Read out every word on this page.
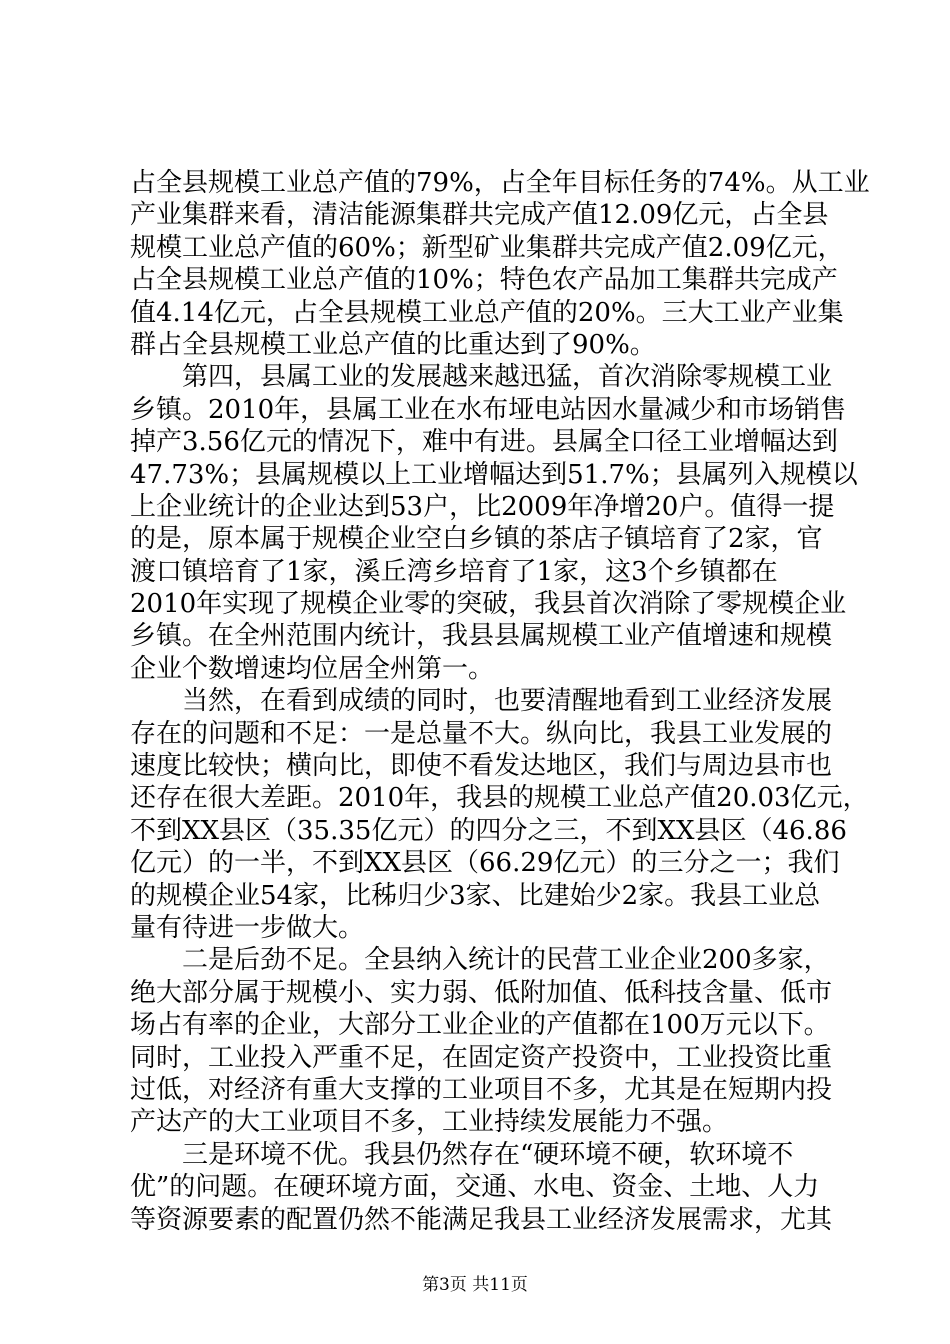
占全县规模工业总产值的79%，占全年目标任务的74%。从工业
产业集群来看，清洁能源集群共完成产值12.09亿元，占全县
规模工业总产值的60%；新型矿业集群共完成产值2.09亿元，
占全县规模工业总产值的10%；特色农产品加工集群共完成产
值4.14亿元，占全县规模工业总产值的20%。三大工业产业集
群占全县规模工业总产值的比重达到了90%。
　　第四，县属工业的发展越来越迅猛，首次消除零规模工业
乡镇。2010年，县属工业在水布垭电站因水量减少和市场销售
掉产3.56亿元的情况下，难中有进。县属全口径工业增幅达到
47.73%；县属规模以上工业增幅达到51.7%；县属列入规模以
上企业统计的企业达到53户，比2009年净增20户。值得一提
的是，原本属于规模企业空白乡镇的茶店子镇培育了2家，官
渡口镇培育了1家，溪丘湾乡培育了1家，这3个乡镇都在
2010年实现了规模企业零的突破，我县首次消除了零规模企业
乡镇。在全州范围内统计，我县县属规模工业产值增速和规模
企业个数增速均位居全州第一。
　　当然，在看到成绩的同时，也要清醒地看到工业经济发展
存在的问题和不足：一是总量不大。纵向比，我县工业发展的
速度比较快；横向比，即使不看发达地区，我们与周边县市也
还存在很大差距。2010年，我县的规模工业总产值20.03亿元，
不到XX县区（35.35亿元）的四分之三，不到XX县区（46.86
亿元）的一半，不到XX县区（66.29亿元）的三分之一；我们
的规模企业54家，比秭归少3家、比建始少2家。我县工业总
量有待进一步做大。
　　二是后劲不足。全县纳入统计的民营工业企业200多家，
绝大部分属于规模小、实力弱、低附加值、低科技含量、低市
场占有率的企业，大部分工业企业的产值都在100万元以下。
同时，工业投入严重不足，在固定资产投资中，工业投资比重
过低，对经济有重大支撑的工业项目不多，尤其是在短期内投
产达产的大工业项目不多，工业持续发展能力不强。
　　三是环境不优。我县仍然存在“硬环境不硬，软环境不
优”的问题。在硬环境方面，交通、水电、资金、土地、人力
等资源要素的配置仍然不能满足我县工业经济发展需求，尤其
第3页 共11页
